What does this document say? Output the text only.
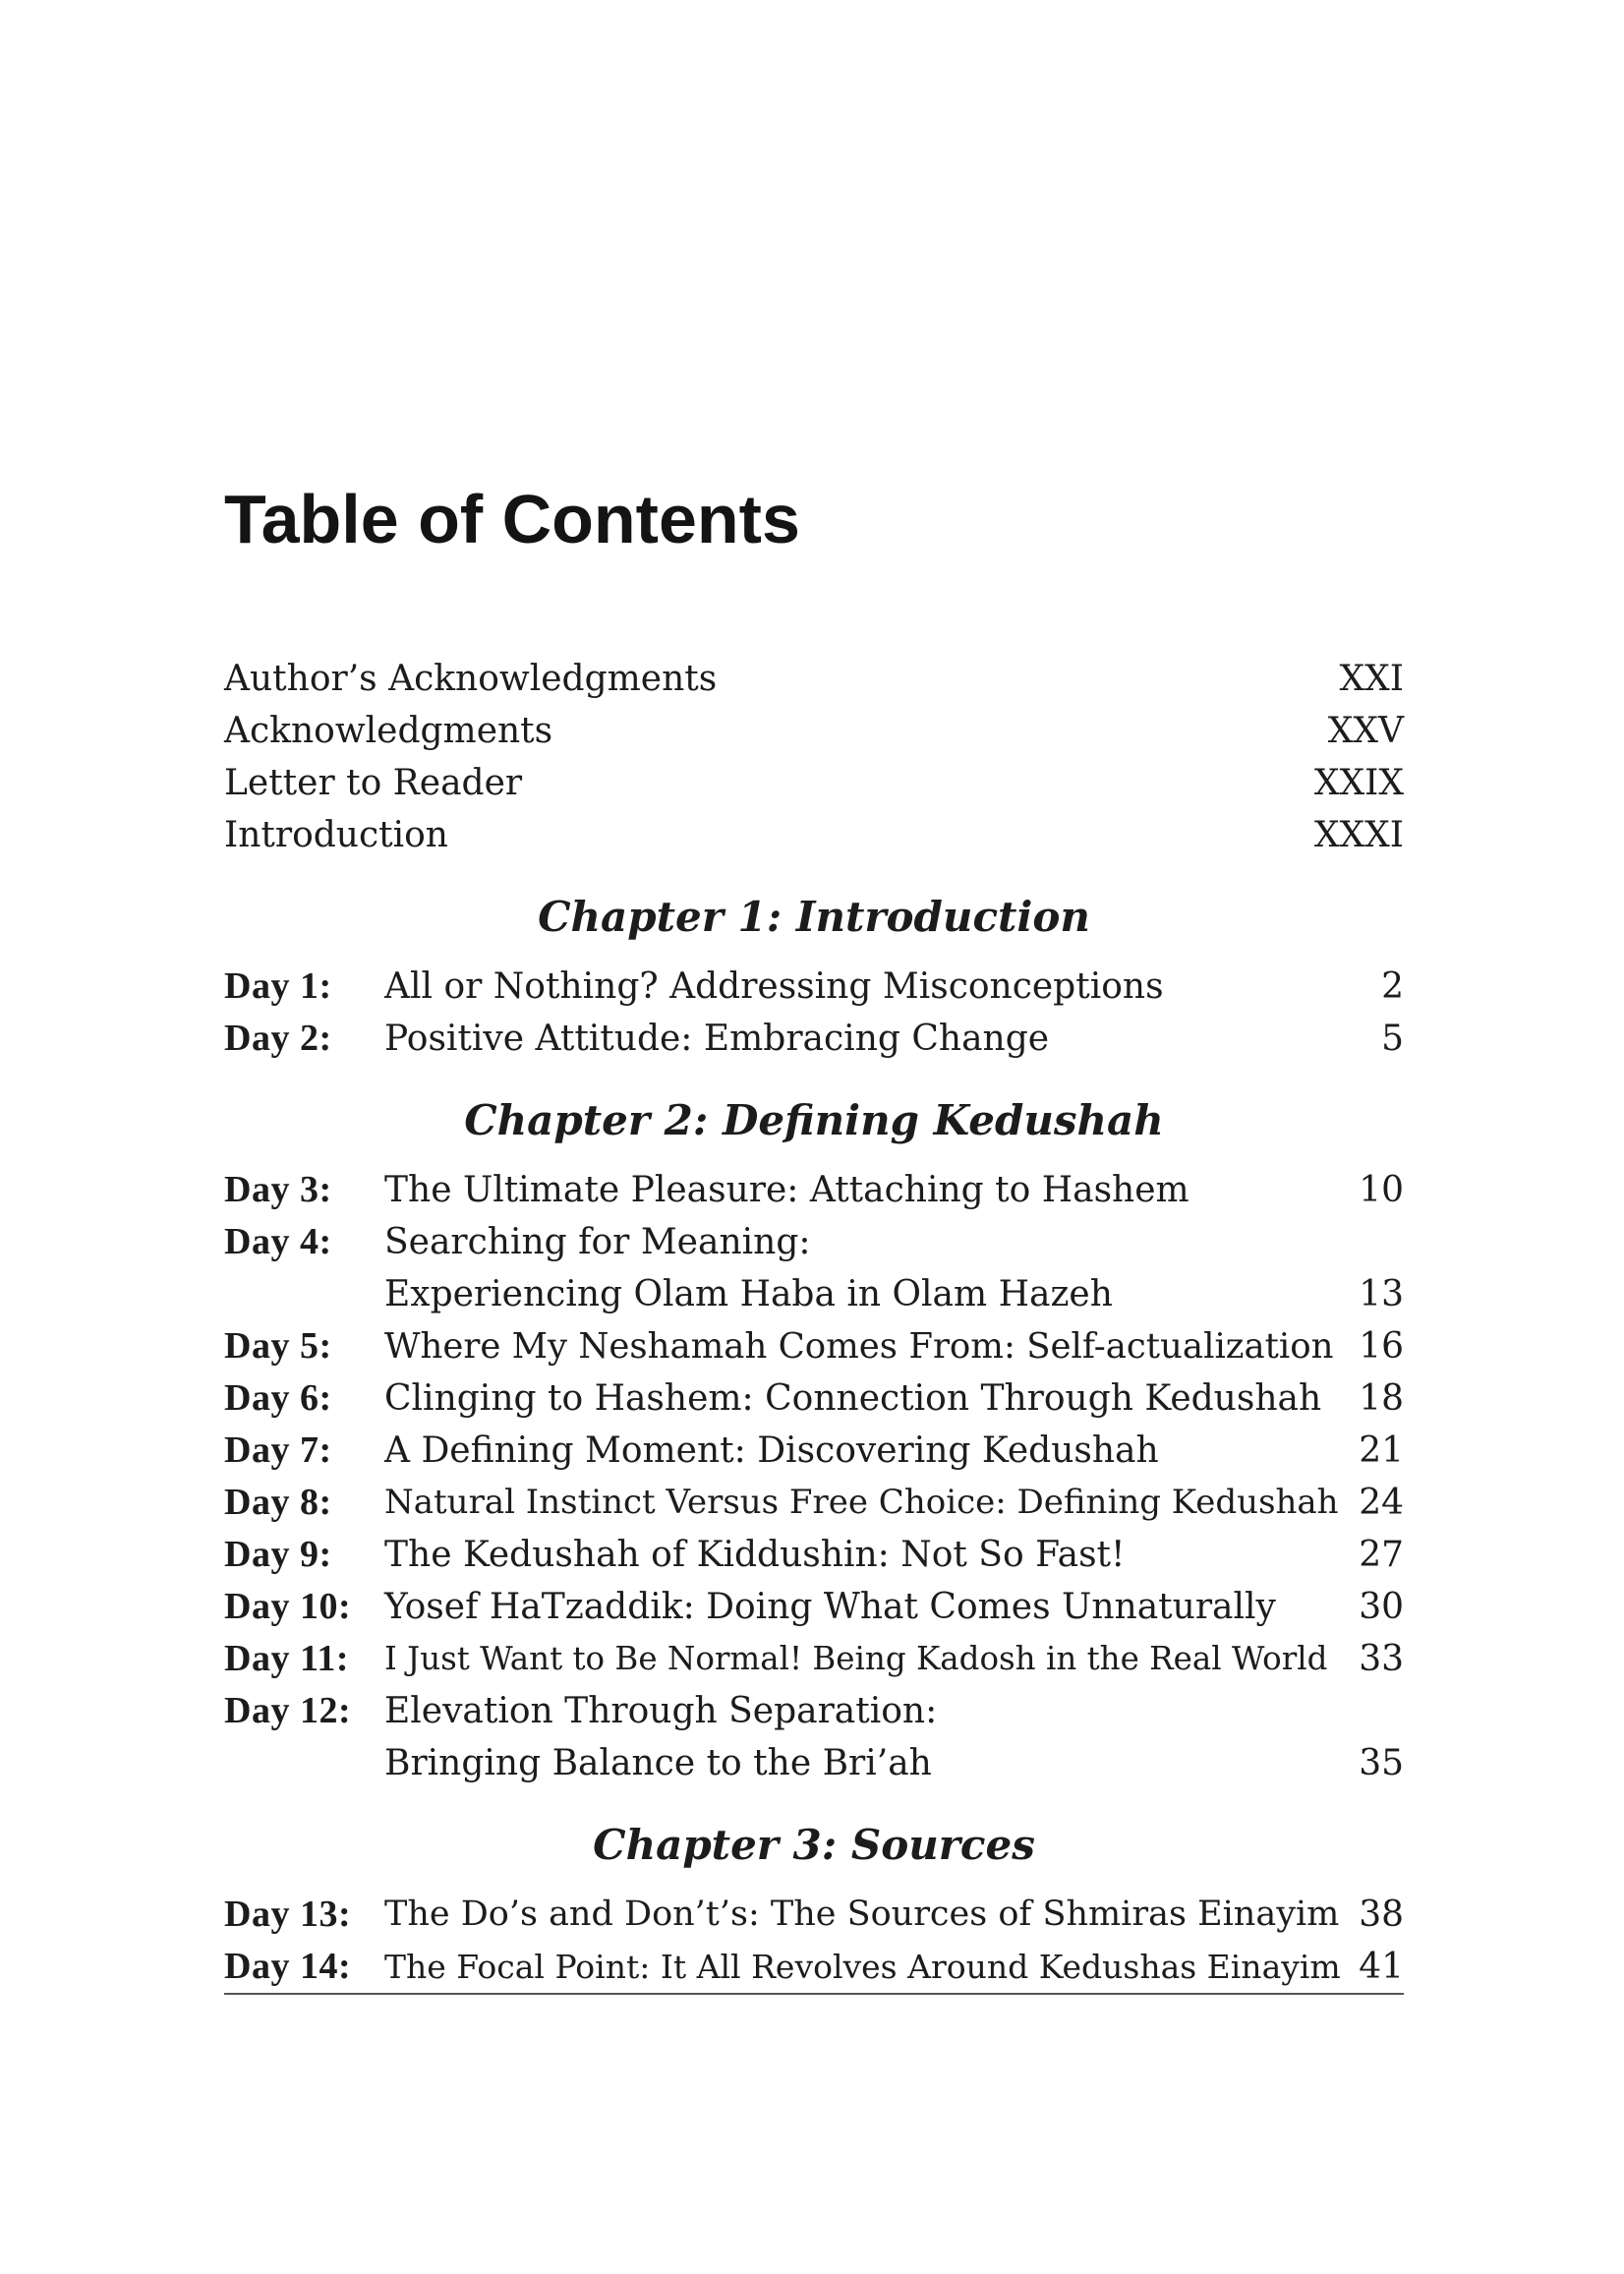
Table of Contents
Author’s Acknowledgments	XXI
Acknowledgments	XXV
Letter to Reader	XXIX
Introduction	XXXI
Chapter 1: Introduction
Day 1:	All or Nothing? Addressing Misconceptions	2
Day 2:	Positive Attitude: Embracing Change	5
Chapter 2: Defining Kedushah
Day 3:	The Ultimate Pleasure: Attaching to Hashem	10
Day 4:	Searching for Meaning:
Experiencing Olam Haba in Olam Hazeh	13
Day 5:	Where My Neshamah Comes From: Self-actualization 16
Day 6:	Clinging to Hashem: Connection Through Kedushah 18
Day 7:	A Defining Moment: Discovering Kedushah	21
Day 8:	Natural Instinct Versus Free Choice: Defining Kedushah 24
Day 9:	The Kedushah of Kiddushin: Not So Fast!	27
Day 10: Yosef HaTzaddik: Doing What Comes Unnaturally 30
Day 11:	I Just Want to Be Normal! Being Kadosh in the Real World 33
Day 12: Elevation Through Separation:
Bringing Balance to the Bri’ah	35
Chapter 3: Sources
Day 13: The Do’s and Don’t’s: The Sources of Shmiras Einayim 38
Day 14:	The Focal Point: It All Revolves Around Kedushas Einayim 41
